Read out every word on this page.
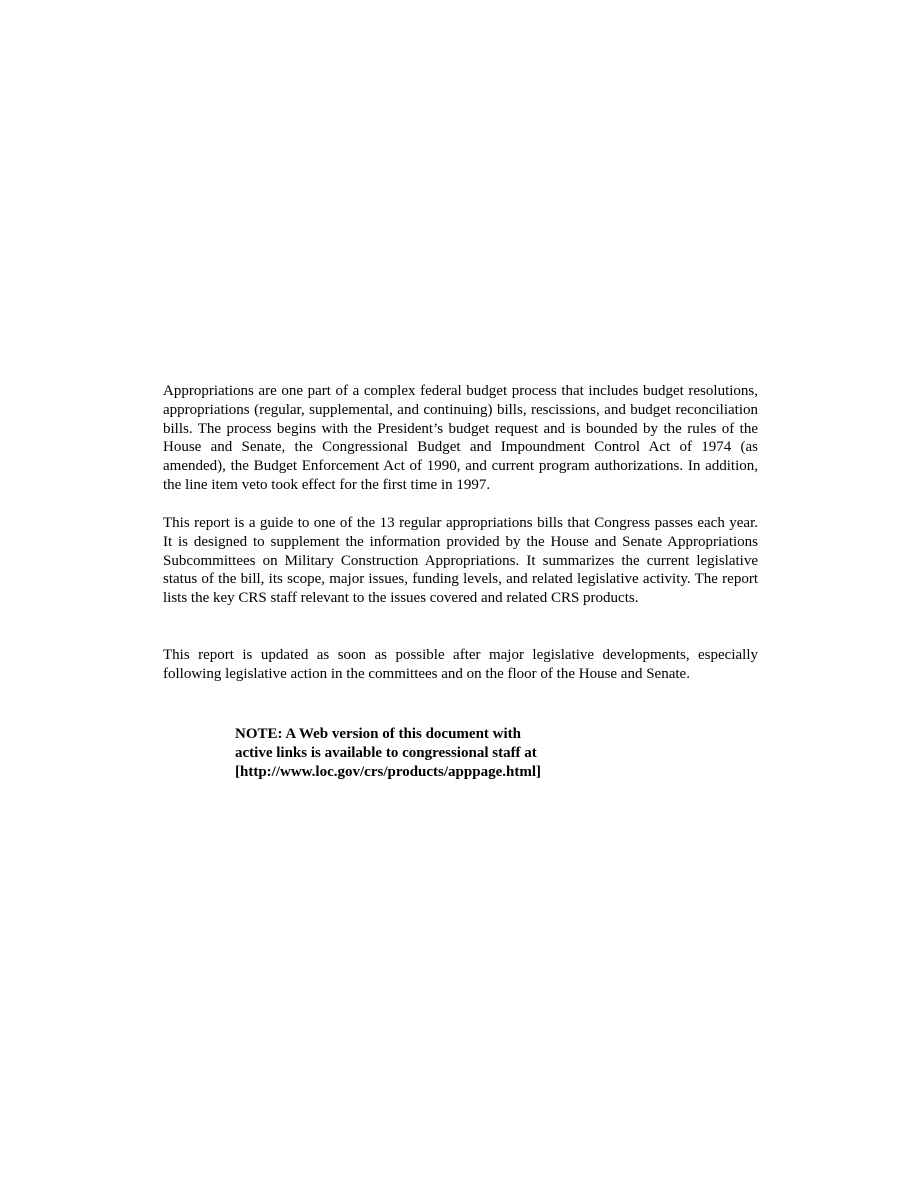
Appropriations are one part of a complex federal budget process that includes budget resolutions, appropriations (regular, supplemental, and continuing) bills, rescissions, and budget reconciliation bills. The process begins with the President’s budget request and is bounded by the rules of the House and Senate, the Congressional Budget and Impoundment Control Act of 1974 (as amended), the Budget Enforcement Act of 1990, and current program authorizations. In addition, the line item veto took effect for the first time in 1997.

This report is a guide to one of the 13 regular appropriations bills that Congress passes each year. It is designed to supplement the information provided by the House and Senate Appropriations Subcommittees on Military Construction Appropriations. It summarizes the current legislative status of the bill, its scope, major issues, funding levels, and related legislative activity. The report lists the key CRS staff relevant to the issues covered and related CRS products.

This report is updated as soon as possible after major legislative developments, especially following legislative action in the committees and on the floor of the House and Senate.

NOTE: A Web version of this document with
active links is available to congressional staff at
[http://www.loc.gov/crs/products/apppage.html]
